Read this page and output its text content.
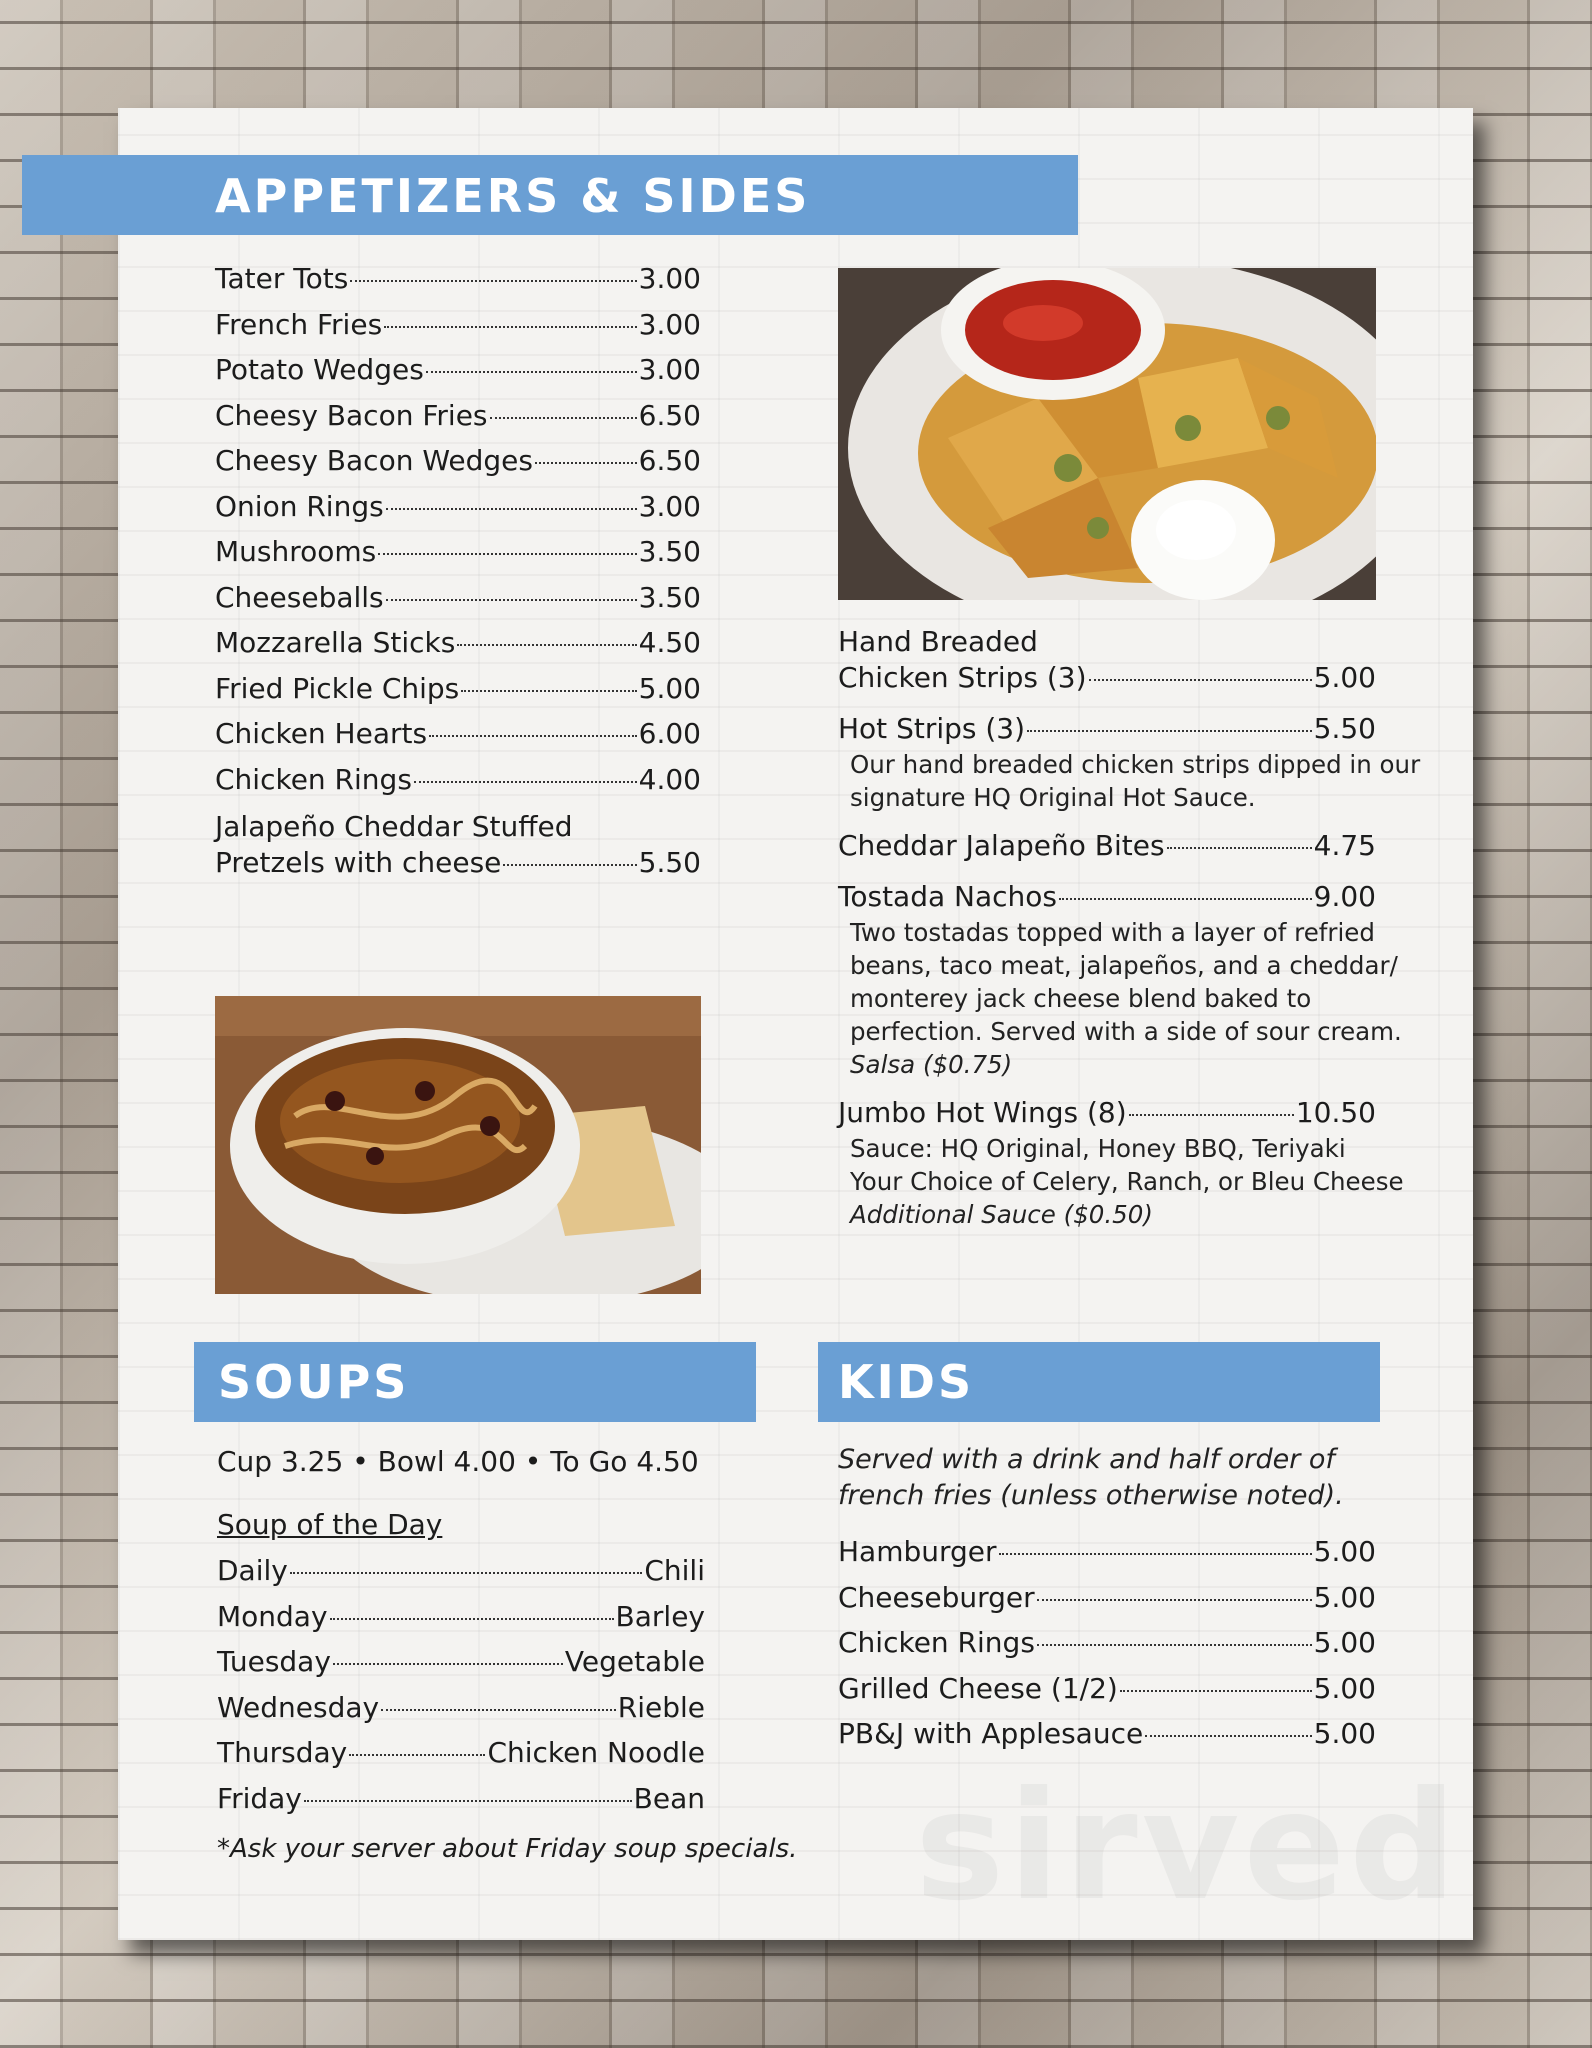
APPETIZERS & SIDES
SOUPS	KIDS
Tater Tots	3.00
French Fries	3.00
Potato Wedges	3.00
Cheesy Bacon Fries	6.50
Cheesy Bacon Wedges	6.50
Onion Rings	3.00
Mushrooms	3.50
Cheeseballs	3.50
Mozzarella Sticks	4.50
Fried Pickle Chips	5.00
Chicken Hearts	6.00
Chicken Rings	4.00
Jalapeño Cheddar Stuffed
Pretzels with cheese	5.50
Hand Breaded
Chicken Strips (3)	5.00
Hot Strips (3)	5.50
Our hand breaded chicken strips dipped in our
signature HQ Original Hot Sauce.
Cheddar Jalapeño Bites	4.75
Tostada Nachos	9.00
Two tostadas topped with a layer of refried
beans, taco meat, jalapeños, and a cheddar/
monterey jack cheese blend baked to
perfection. Served with a side of sour cream.
Salsa ($0.75)
Jumbo Hot Wings (8)	10.50
Sauce: HQ Original, Honey BBQ, Teriyaki
Your Choice of Celery, Ranch, or Bleu Cheese
Additional Sauce ($0.50)
Cup 3.25 • Bowl 4.00 • To Go 4.50
Soup of the Day
Daily	Chili
Monday	Barley
Tuesday	Vegetable
Wednesday	Rieble
Thursday	Chicken Noodle
Friday	Bean
*Ask your server about Friday soup specials.
Served with a drink and half order of
french fries (unless otherwise noted).
Hamburger	5.00
Cheeseburger	5.00
Chicken Rings	5.00
Grilled Cheese (1/2)	5.00
PB&J with Applesauce	5.00
sirved
